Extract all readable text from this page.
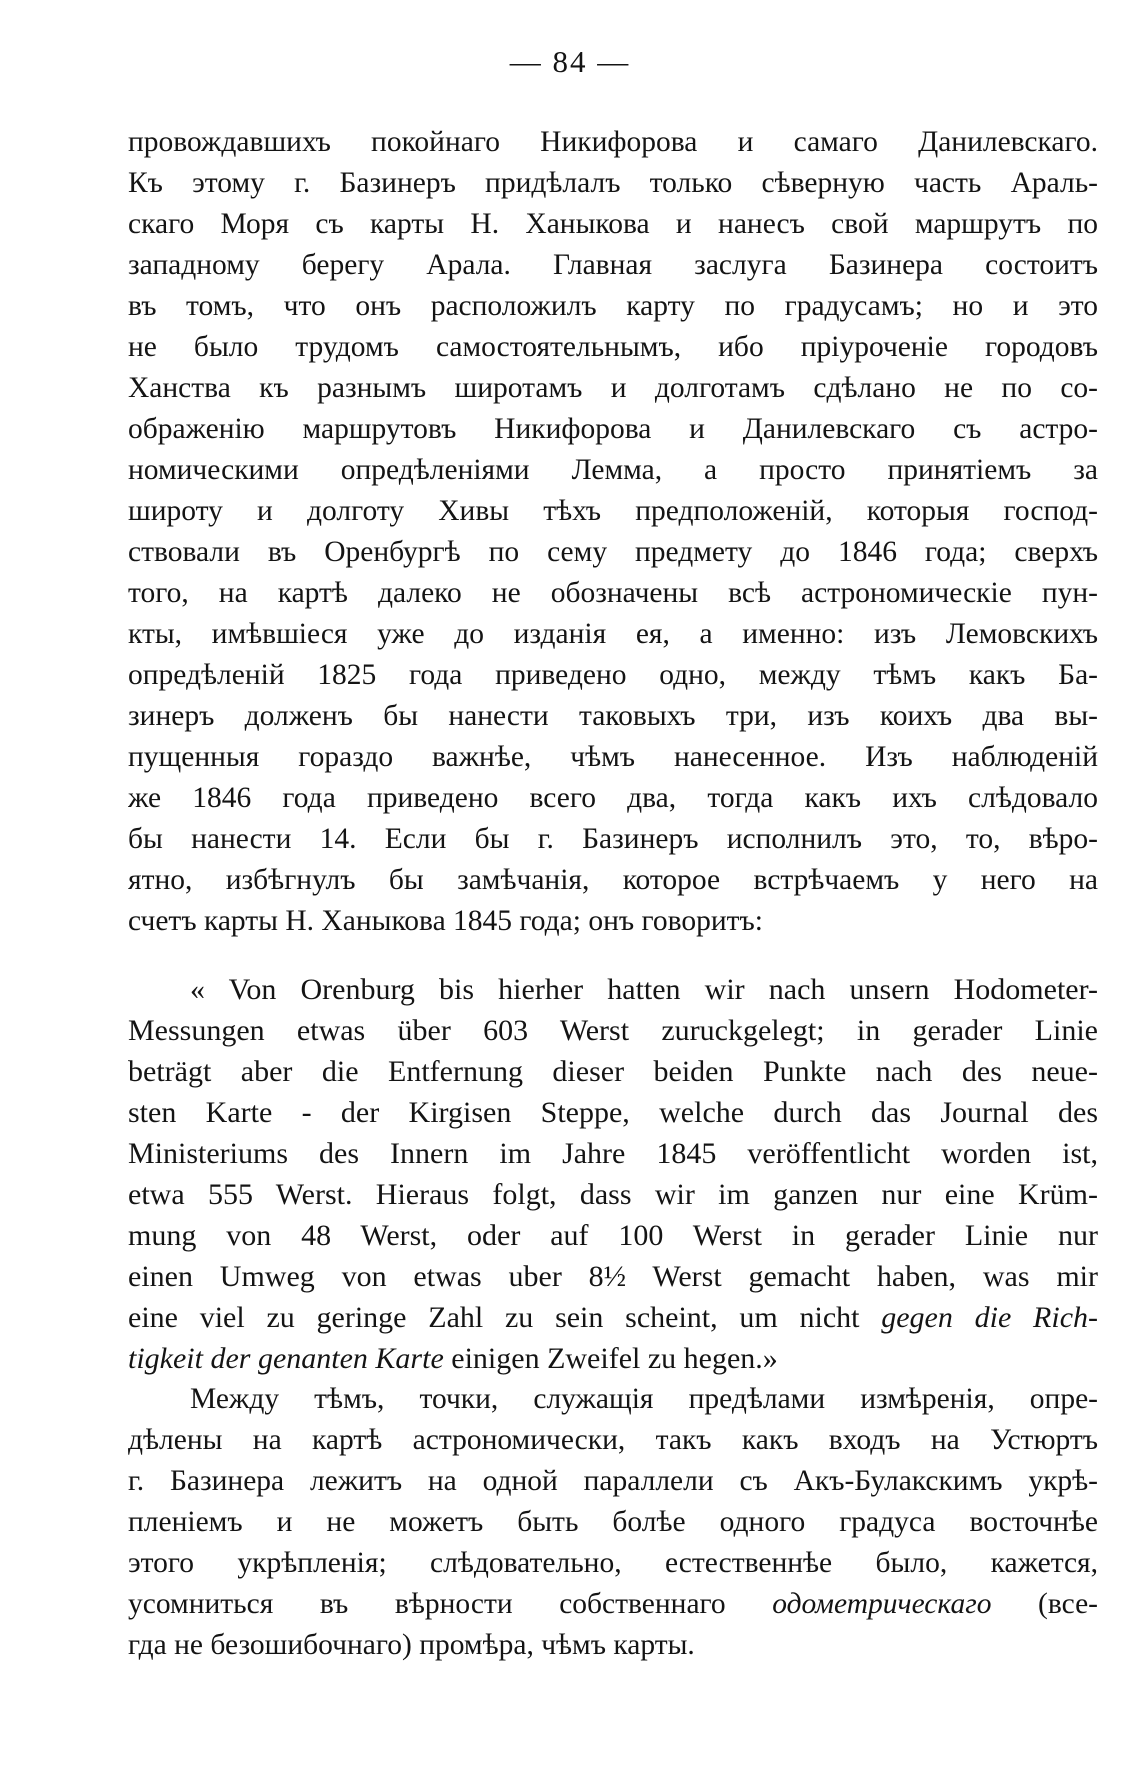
— 84 —
провождавшихъ покойнаго Никифорова и самаго Данилевскаго.
Къ этому г. Базинеръ придѣлалъ только сѣверную часть Араль-
скаго Моря съ карты Н. Ханыкова и нанесъ свой маршрутъ по
западному берегу Арала. Главная заслуга Базинера состоитъ
въ томъ, что онъ расположилъ карту по градусамъ; но и это
не было трудомъ самостоятельнымъ, ибо пріуроченіе городовъ
Ханства къ разнымъ широтамъ и долготамъ сдѣлано не по со-
ображенію маршрутовъ Никифорова и Данилевскаго съ астро-
номическими опредѣленіями Лемма, а просто принятіемъ за
широту и долготу Хивы тѣхъ предположеній, которыя господ-
ствовали въ Оренбургѣ по сему предмету до 1846 года; сверхъ
того, на картѣ далеко не обозначены всѣ астрономическіе пун-
кты, имѣвшіеся уже до изданія ея, а именно: изъ Лемовскихъ
опредѣленій 1825 года приведено одно, между тѣмъ какъ Ба-
зинеръ долженъ бы нанести таковыхъ три, изъ коихъ два вы-
пущенныя гораздо важнѣе, чѣмъ нанесенное. Изъ наблюденій
же 1846 года приведено всего два, тогда какъ ихъ слѣдовало
бы нанести 14. Если бы г. Базинеръ исполнилъ это, то, вѣро-
ятно, избѣгнулъ бы замѣчанія, которое встрѣчаемъ у него на
счетъ карты Н. Ханыкова 1845 года; онъ говоритъ:
« Von Orenburg bis hierher hatten wir nach unsern Hodometer-
Messungen etwas über 603 Werst zuruckgelegt; in gerader Linie
beträgt aber die Entfernung dieser beiden Punkte nach des neue-
sten Karte - der Kirgisen Steppe, welche durch das Journal des
Ministeriums des Innern im Jahre 1845 veröffentlicht worden ist,
etwa 555 Werst. Hieraus folgt, dass wir im ganzen nur eine Krüm-
mung von 48 Werst, oder auf 100 Werst in gerader Linie nur
einen Umweg von etwas uber 8½ Werst gemacht haben, was mir
eine viel zu geringe Zahl zu sein scheint, um nicht gegen die Rich-
tigkeit der genanten Karte einigen Zweifel zu hegen.»
Между тѣмъ, точки, служащія предѣлами измѣренія, опре-
дѣлены на картѣ астрономически, такъ какъ входъ на Устюртъ
г. Базинера лежитъ на одной параллели съ Акъ-Булакскимъ укрѣ-
пленіемъ и не можетъ быть болѣе одного градуса восточнѣе
этого укрѣпленія; слѣдовательно, естественнѣе было, кажется,
усомниться въ вѣрности собственнаго одометрическаго (все-
гда не безошибочнаго) промѣра, чѣмъ карты.
